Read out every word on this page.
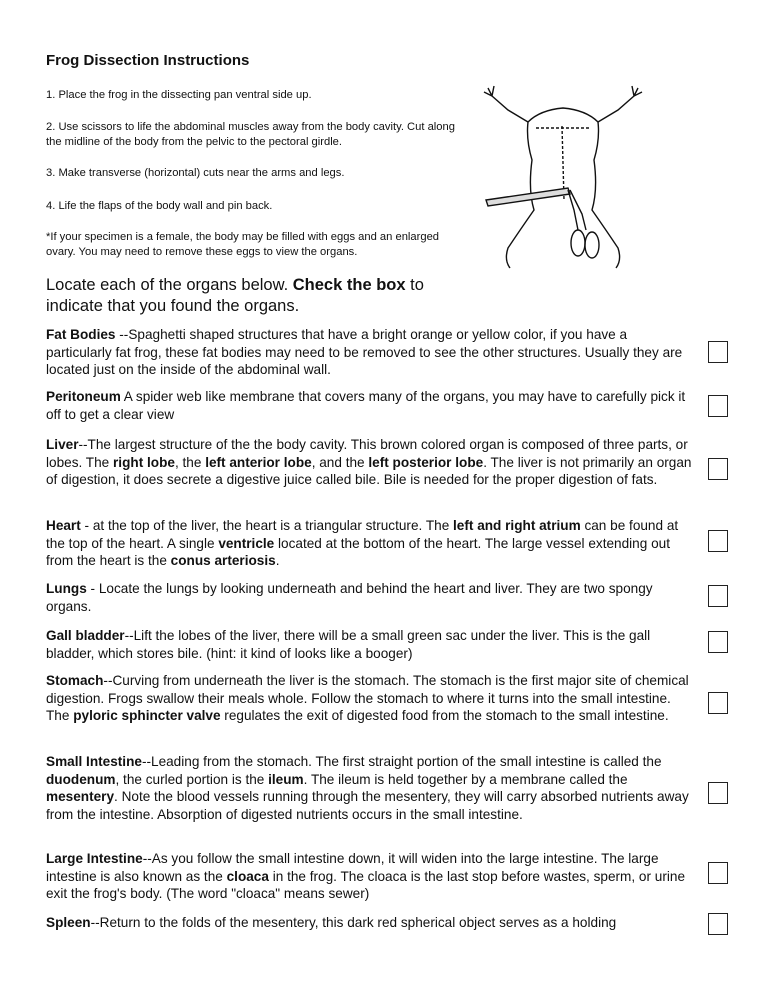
Frog Dissection Instructions
1. Place the frog in the dissecting pan ventral side up.
2. Use scissors to life the abdominal muscles away from the body cavity. Cut along the midline of the body from the pelvic to the pectoral girdle.
3. Make transverse (horizontal) cuts near the arms and legs.
4. Life the flaps of the body wall and pin back.
*If your specimen is a female, the body may be filled with eggs and an enlarged ovary. You may need to remove these eggs to view the organs.
Locate each of the organs below. Check the box to indicate that you found the organs.
Fat Bodies --Spaghetti shaped structures that have a bright orange or yellow color, if you have a particularly fat frog, these fat bodies may need to be removed to see the other structures. Usually they are located just on the inside of the abdominal wall.
Peritoneum A spider web like membrane that covers many of the organs, you may have to carefully pick it off to get a clear view
Liver--The largest structure of the the body cavity. This brown colored organ is composed of three parts, or lobes. The right lobe, the left anterior lobe, and the left posterior lobe. The liver is not primarily an organ of digestion, it does secrete a digestive juice called bile. Bile is needed for the proper digestion of fats.
Heart - at the top of the liver, the heart is a triangular structure. The left and right atrium can be found at the top of the heart. A single ventricle located at the bottom of the heart. The large vessel extending out from the heart is the conus arteriosis.
Lungs - Locate the lungs by looking underneath and behind the heart and liver. They are two spongy organs.
Gall bladder--Lift the lobes of the liver, there will be a small green sac under the liver. This is the gall bladder, which stores bile. (hint: it kind of looks like a booger)
Stomach--Curving from underneath the liver is the stomach. The stomach is the first major site of chemical digestion. Frogs swallow their meals whole. Follow the stomach to where it turns into the small intestine. The pyloric sphincter valve regulates the exit of digested food from the stomach to the small intestine.
Small Intestine--Leading from the stomach. The first straight portion of the small intestine is called the duodenum, the curled portion is the ileum. The ileum is held together by a membrane called the mesentery. Note the blood vessels running through the mesentery, they will carry absorbed nutrients away from the intestine. Absorption of digested nutrients occurs in the small intestine.
Large Intestine--As you follow the small intestine down, it will widen into the large intestine. The large intestine is also known as the cloaca in the frog. The cloaca is the last stop before wastes, sperm, or urine exit the frog's body. (The word "cloaca" means sewer)
Spleen--Return to the folds of the mesentery, this dark red spherical object serves as a holding
